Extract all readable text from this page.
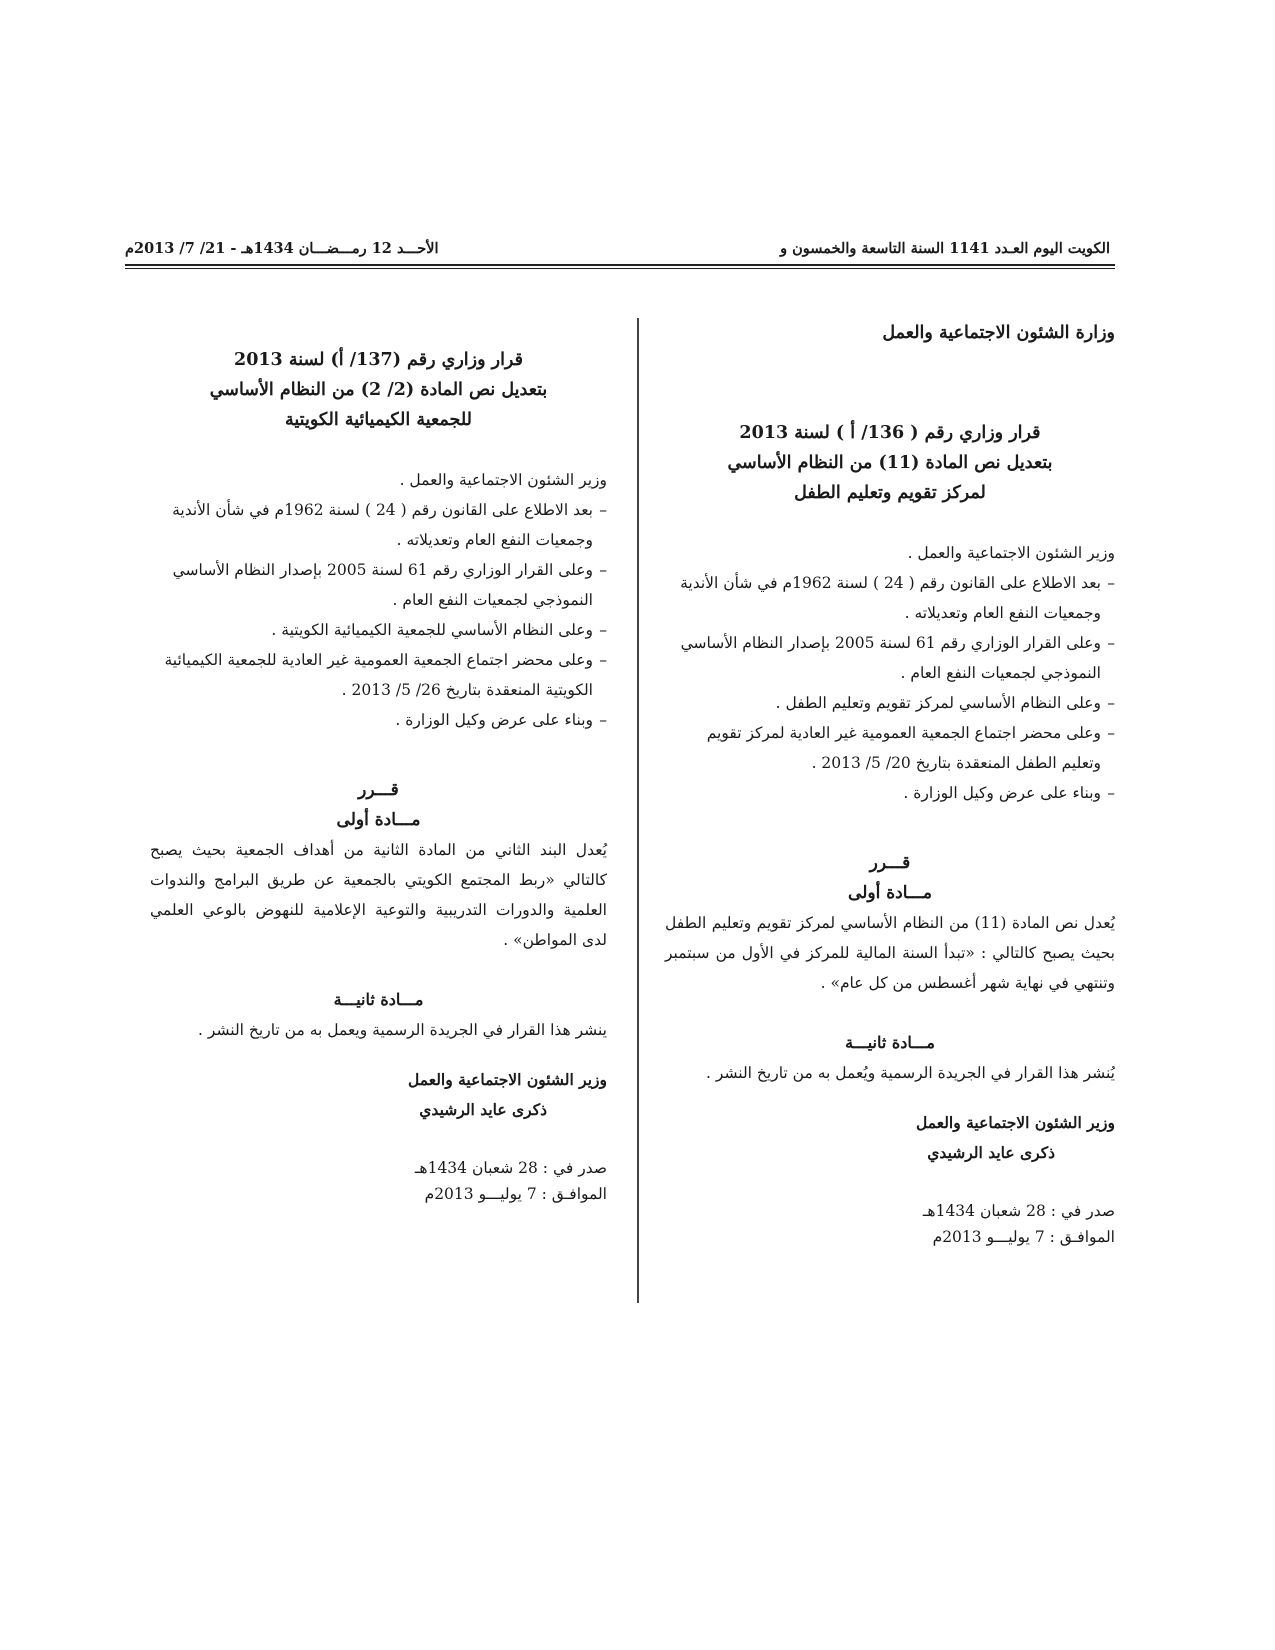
الكويت اليوم العـدد 1141 السنة التاسعة والخمسون و
الأحـــد 12 رمـــضـــان 1434هـ - 21/ 7/ 2013م
وزارة الشئون الاجتماعية والعمل
قرار وزاري رقم ( 136/ أ ) لسنة 2013
بتعديل نص المادة (11) من النظام الأساسي
لمركز تقويم وتعليم الطفل
وزير الشئون الاجتماعية والعمل .
– بعد الاطلاع على القانون رقم ( 24 ) لسنة 1962م في شأن الأندية وجمعيات النفع العام وتعديلاته .
– وعلى القرار الوزاري رقم 61 لسنة 2005 بإصدار النظام الأساسي النموذجي لجمعيات النفع العام .
– وعلى النظام الأساسي لمركز تقويم وتعليم الطفل .
– وعلى محضر اجتماع الجمعية العمومية غير العادية لمركز تقويم وتعليم الطفل المنعقدة بتاريخ 20/ 5/ 2013 .
– وبناء على عرض وكيل الوزارة .
قـــرر
مـــادة أولى
يُعدل نص المادة (11) من النظام الأساسي لمركز تقويم وتعليم الطفل بحيث يصبح كالتالي : «تبدأ السنة المالية للمركز في الأول من سبتمبر وتنتهي في نهاية شهر أغسطس من كل عام» .
مـــادة ثانيـــة
يُنشر هذا القرار في الجريدة الرسمية ويُعمل به من تاريخ النشر .
وزير الشئون الاجتماعية والعمل
ذكرى عايد الرشيدي
صدر في : 28 شعبان 1434هـ
الموافـق : 7 يوليـــو 2013م
قرار وزاري رقم (137/ أ) لسنة 2013
بتعديل نص المادة (2/ 2) من النظام الأساسي
للجمعية الكيميائية الكويتية
وزير الشئون الاجتماعية والعمل .
– بعد الاطلاع على القانون رقم ( 24 ) لسنة 1962م في شأن الأندية وجمعيات النفع العام وتعديلاته .
– وعلى القرار الوزاري رقم 61 لسنة 2005 بإصدار النظام الأساسي النموذجي لجمعيات النفع العام .
– وعلى النظام الأساسي للجمعية الكيميائية الكويتية .
– وعلى محضر اجتماع الجمعية العمومية غير العادية للجمعية الكيميائية الكويتية المنعقدة بتاريخ 26/ 5/ 2013 .
– وبناء على عرض وكيل الوزارة .
قـــرر
مـــادة أولى
يُعدل البند الثاني من المادة الثانية من أهداف الجمعية بحيث يصبح كالتالي «ربط المجتمع الكويتي بالجمعية عن طريق البرامج والندوات العلمية والدورات التدريبية والتوعية الإعلامية للنهوض بالوعي العلمي لدى المواطن» .
مـــادة ثانيـــة
ينشر هذا القرار في الجريدة الرسمية ويعمل به من تاريخ النشر .
وزير الشئون الاجتماعية والعمل
ذكرى عايد الرشيدي
صدر في : 28 شعبان 1434هـ
الموافـق : 7 يوليـــو 2013م
